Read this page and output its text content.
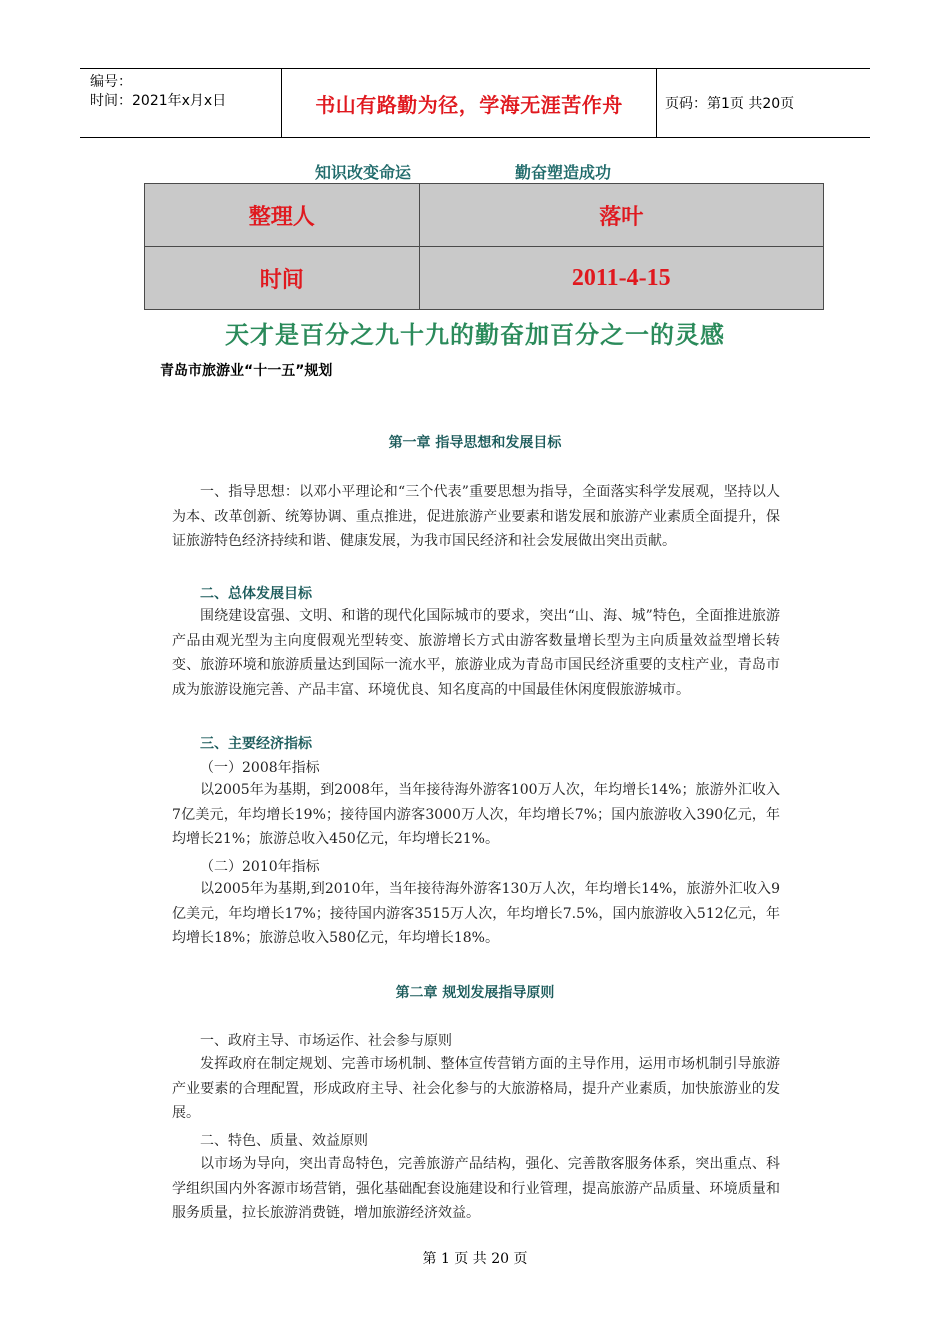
编号：
时间：2021年x月x日	书山有路勤为径，学海无涯苦作舟	页码：第1页 共20页
知识改变命运	勤奋塑造成功
整理人	落叶
时间	2011-4-15
天才是百分之九十九的勤奋加百分之一的灵感
青岛市旅游业“十一五”规划
第一章 指导思想和发展目标
一、指导思想：以邓小平理论和“三个代表”重要思想为指导，全面落实科学发展观，坚持以人为本、改革创新、统筹协调、重点推进，促进旅游产业要素和谐发展和旅游产业素质全面提升，保证旅游特色经济持续和谐、健康发展，为我市国民经济和社会发展做出突出贡献。
二、总体发展目标
围绕建设富强、文明、和谐的现代化国际城市的要求，突出“山、海、城”特色，全面推进旅游产品由观光型为主向度假观光型转变、旅游增长方式由游客数量增长型为主向质量效益型增长转变、旅游环境和旅游质量达到国际一流水平，旅游业成为青岛市国民经济重要的支柱产业，青岛市成为旅游设施完善、产品丰富、环境优良、知名度高的中国最佳休闲度假旅游城市。
三、主要经济指标
（一）2008年指标
以2005年为基期，到2008年，当年接待海外游客100万人次，年均增长14%；旅游外汇收入7亿美元，年均增长19%；接待国内游客3000万人次，年均增长7%；国内旅游收入390亿元，年均增长21%；旅游总收入450亿元，年均增长21%。
（二）2010年指标
以2005年为基期,到2010年，当年接待海外游客130万人次，年均增长14%，旅游外汇收入9亿美元，年均增长17%；接待国内游客3515万人次，年均增长7.5%，国内旅游收入512亿元，年均增长18%；旅游总收入580亿元，年均增长18%。
第二章 规划发展指导原则
一、政府主导、市场运作、社会参与原则
发挥政府在制定规划、完善市场机制、整体宣传营销方面的主导作用，运用市场机制引导旅游产业要素的合理配置，形成政府主导、社会化参与的大旅游格局，提升产业素质，加快旅游业的发展。
二、特色、质量、效益原则
以市场为导向，突出青岛特色，完善旅游产品结构，强化、完善散客服务体系，突出重点、科学组织国内外客源市场营销，强化基础配套设施建设和行业管理，提高旅游产品质量、环境质量和服务质量，拉长旅游消费链，增加旅游经济效益。
第 1 页 共 20 页
